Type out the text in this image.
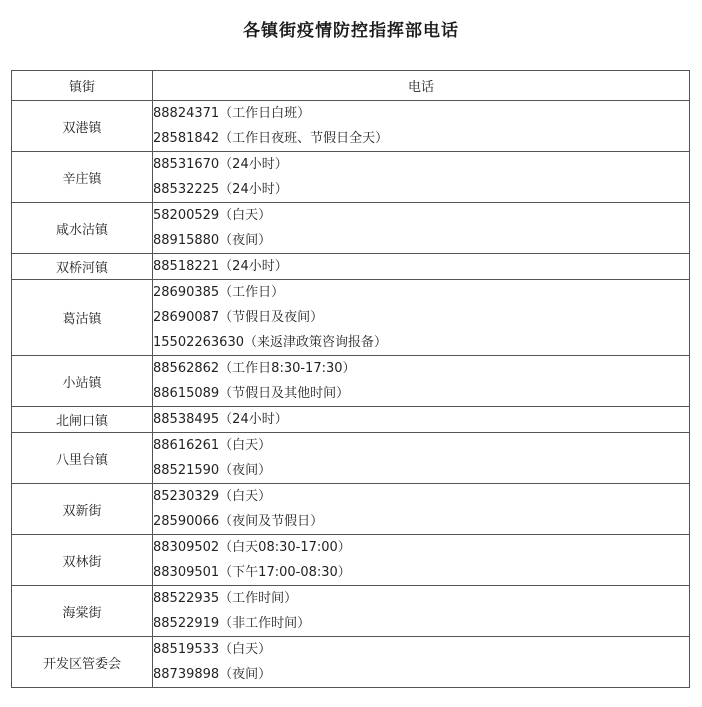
各镇街疫情防控指挥部电话
镇街	电话
双港镇	88824371（工作日白班）
28581842（工作日夜班、节假日全天）

辛庄镇	88531670（24小时）
88532225（24小时）

咸水沽镇	58200529（白天）
88915880（夜间）

双桥河镇	88518221（24小时）

葛沽镇	28690385（工作日）
28690087（节假日及夜间）
15502263630（来返津政策咨询报备）

小站镇	88562862（工作日8:30-17:30）
88615089（节假日及其他时间）

北闸口镇	88538495（24小时）

八里台镇	88616261（白天）
88521590（夜间）

双新街	85230329（白天）
28590066（夜间及节假日）

双林街	88309502（白天08:30-17:00）
88309501（下午17:00-08:30）

海棠街	88522935（工作时间）
88522919（非工作时间）

开发区管委会	88519533（白天）
88739898（夜间）
